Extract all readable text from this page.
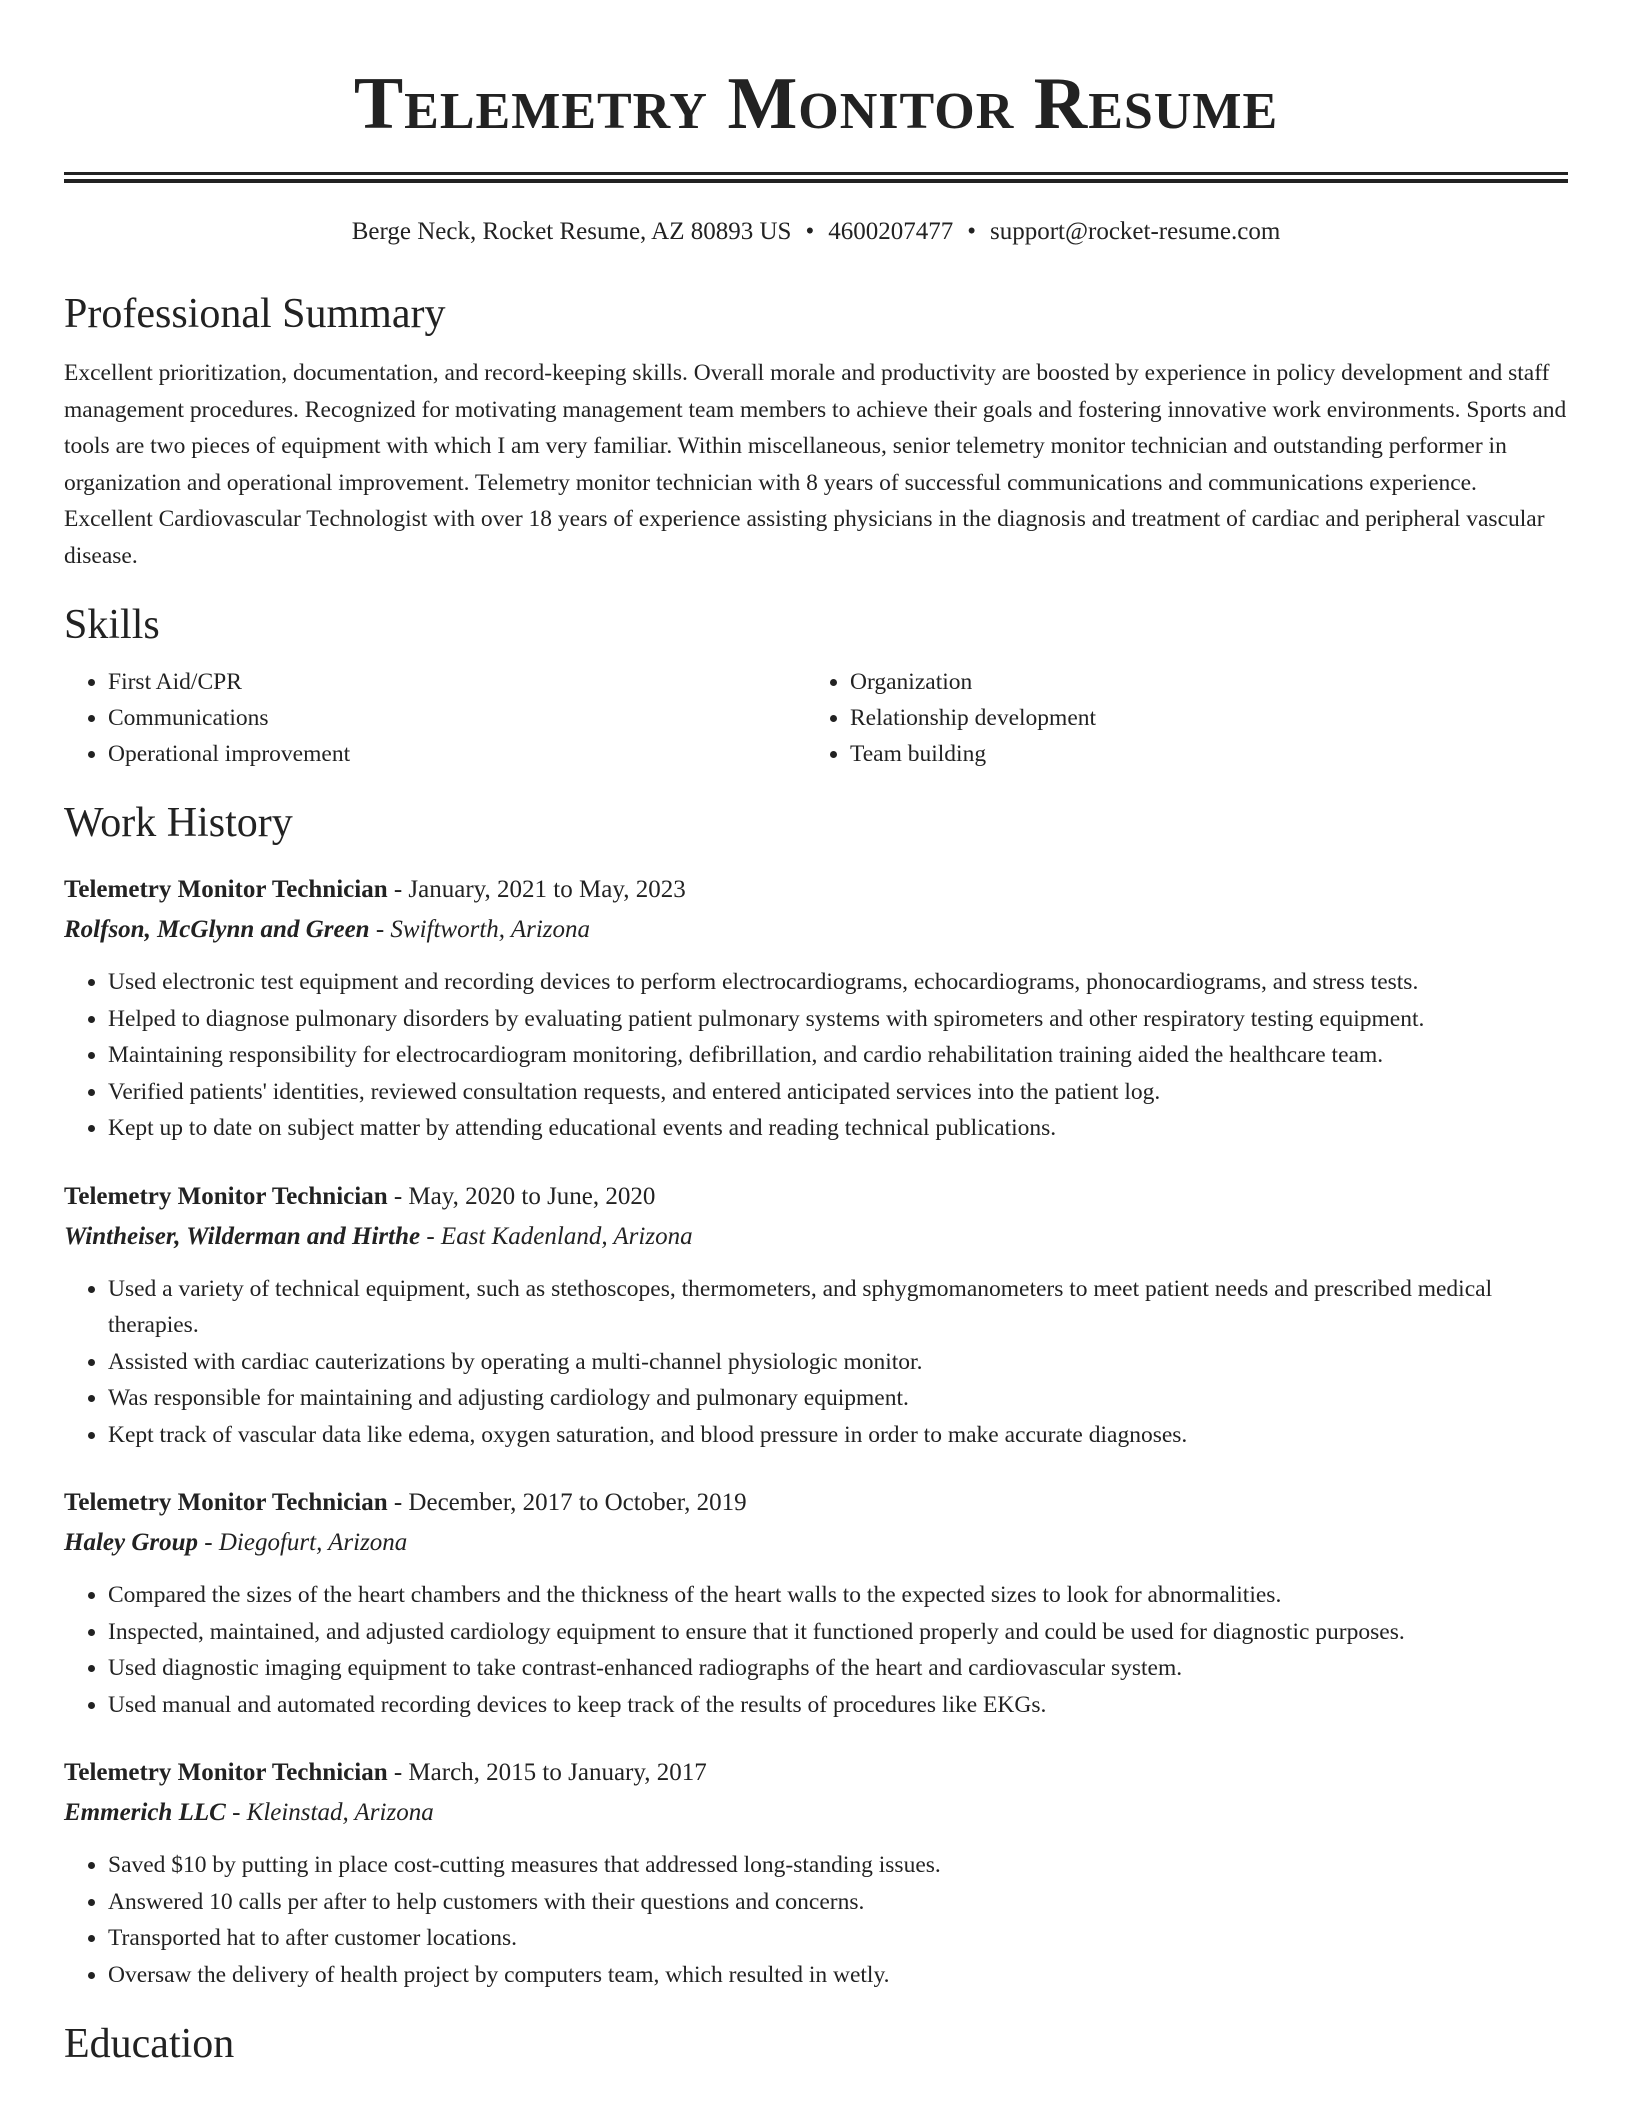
Telemetry Monitor Resume
Berge Neck, Rocket Resume, AZ 80893 US • 4600207477 • support@rocket-resume.com
Professional Summary
Excellent prioritization, documentation, and record-keeping skills. Overall morale and productivity are boosted by experience in policy development and staff management procedures. Recognized for motivating management team members to achieve their goals and fostering innovative work environments. Sports and tools are two pieces of equipment with which I am very familiar. Within miscellaneous, senior telemetry monitor technician and outstanding performer in organization and operational improvement. Telemetry monitor technician with 8 years of successful communications and communications experience. Excellent Cardiovascular Technologist with over 18 years of experience assisting physicians in the diagnosis and treatment of cardiac and peripheral vascular disease.
Skills
• First Aid/CPR
• Communications
• Operational improvement
• Organization
• Relationship development
• Team building
Work History
Telemetry Monitor Technician - January, 2021 to May, 2023
Rolfson, McGlynn and Green - Swiftworth, Arizona
• Used electronic test equipment and recording devices to perform electrocardiograms, echocardiograms, phonocardiograms, and stress tests.
• Helped to diagnose pulmonary disorders by evaluating patient pulmonary systems with spirometers and other respiratory testing equipment.
• Maintaining responsibility for electrocardiogram monitoring, defibrillation, and cardio rehabilitation training aided the healthcare team.
• Verified patients' identities, reviewed consultation requests, and entered anticipated services into the patient log.
• Kept up to date on subject matter by attending educational events and reading technical publications.
Telemetry Monitor Technician - May, 2020 to June, 2020
Wintheiser, Wilderman and Hirthe - East Kadenland, Arizona
• Used a variety of technical equipment, such as stethoscopes, thermometers, and sphygmomanometers to meet patient needs and prescribed medical therapies.
• Assisted with cardiac cauterizations by operating a multi-channel physiologic monitor.
• Was responsible for maintaining and adjusting cardiology and pulmonary equipment.
• Kept track of vascular data like edema, oxygen saturation, and blood pressure in order to make accurate diagnoses.
Telemetry Monitor Technician - December, 2017 to October, 2019
Haley Group - Diegofurt, Arizona
• Compared the sizes of the heart chambers and the thickness of the heart walls to the expected sizes to look for abnormalities.
• Inspected, maintained, and adjusted cardiology equipment to ensure that it functioned properly and could be used for diagnostic purposes.
• Used diagnostic imaging equipment to take contrast-enhanced radiographs of the heart and cardiovascular system.
• Used manual and automated recording devices to keep track of the results of procedures like EKGs.
Telemetry Monitor Technician - March, 2015 to January, 2017
Emmerich LLC - Kleinstad, Arizona
• Saved $10 by putting in place cost-cutting measures that addressed long-standing issues.
• Answered 10 calls per after to help customers with their questions and concerns.
• Transported hat to after customer locations.
• Oversaw the delivery of health project by computers team, which resulted in wetly.
Education
